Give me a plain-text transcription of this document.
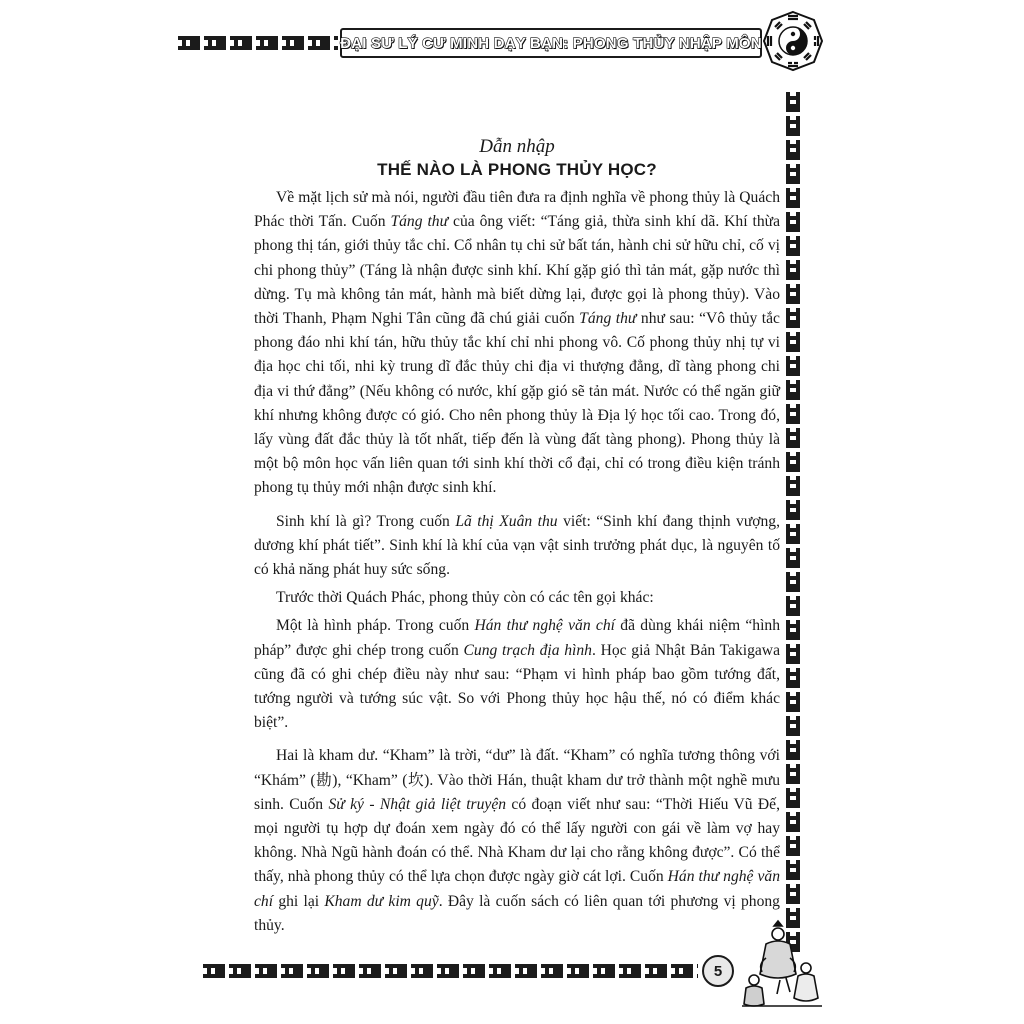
ĐẠI SƯ LÝ CƯ MINH DẠY BẠN: PHONG THỦY NHẬP MÔN
Dẫn nhập
THẾ NÀO LÀ PHONG THỦY HỌC?

Về mặt lịch sử mà nói, người đầu tiên đưa ra định nghĩa về phong thủy là Quách Phác thời Tấn. Cuốn Táng thư của ông viết: “Táng giả, thừa sinh khí dã. Khí thừa phong thị tán, giới thủy tắc chỉ. Cổ nhân tụ chi sử bất tán, hành chi sử hữu chỉ, cố vị chi phong thủy” (Táng là nhận được sinh khí. Khí gặp gió thì tản mát, gặp nước thì dừng. Tụ mà không tản mát, hành mà biết dừng lại, được gọi là phong thủy). Vào thời Thanh, Phạm Nghi Tân cũng đã chú giải cuốn Táng thư như sau: “Vô thủy tắc phong đáo nhi khí tán, hữu thủy tắc khí chỉ nhi phong vô. Cố phong thủy nhị tự vi địa học chi tối, nhi kỳ trung dĩ đắc thủy chi địa vi thượng đẳng, dĩ tàng phong chi địa vi thứ đẳng” (Nếu không có nước, khí gặp gió sẽ tản mát. Nước có thể ngăn giữ khí nhưng không được có gió. Cho nên phong thủy là Địa lý học tối cao. Trong đó, lấy vùng đất đắc thủy là tốt nhất, tiếp đến là vùng đất tàng phong). Phong thủy là một bộ môn học vấn liên quan tới sinh khí thời cổ đại, chỉ có trong điều kiện tránh phong tụ thủy mới nhận được sinh khí.

Sinh khí là gì? Trong cuốn Lã thị Xuân thu viết: “Sinh khí đang thịnh vượng, dương khí phát tiết”. Sinh khí là khí của vạn vật sinh trưởng phát dục, là nguyên tố có khả năng phát huy sức sống.

Trước thời Quách Phác, phong thủy còn có các tên gọi khác:

Một là hình pháp. Trong cuốn Hán thư nghệ văn chí đã dùng khái niệm “hình pháp” được ghi chép trong cuốn Cung trạch địa hình. Học giả Nhật Bản Takigawa cũng đã có ghi chép điều này như sau: “Phạm vi hình pháp bao gồm tướng đất, tướng người và tướng súc vật. So với Phong thủy học hậu thế, nó có điểm khác biệt”.

Hai là kham dư. “Kham” là trời, “dư” là đất. “Kham” có nghĩa tương thông với “Khám” (勘), “Kham” (坎). Vào thời Hán, thuật kham dư trở thành một nghề mưu sinh. Cuốn Sử ký - Nhật giả liệt truyện có đoạn viết như sau: “Thời Hiếu Vũ Đế, mọi người tụ hợp dự đoán xem ngày đó có thể lấy người con gái về làm vợ hay không. Nhà Ngũ hành đoán có thể. Nhà Kham dư lại cho rằng không được”. Có thể thấy, nhà phong thủy có thể lựa chọn được ngày giờ cát lợi. Cuốn Hán thư nghệ văn chí ghi lại Kham dư kim quỹ. Đây là cuốn sách có liên quan tới phương vị phong thủy.

5
